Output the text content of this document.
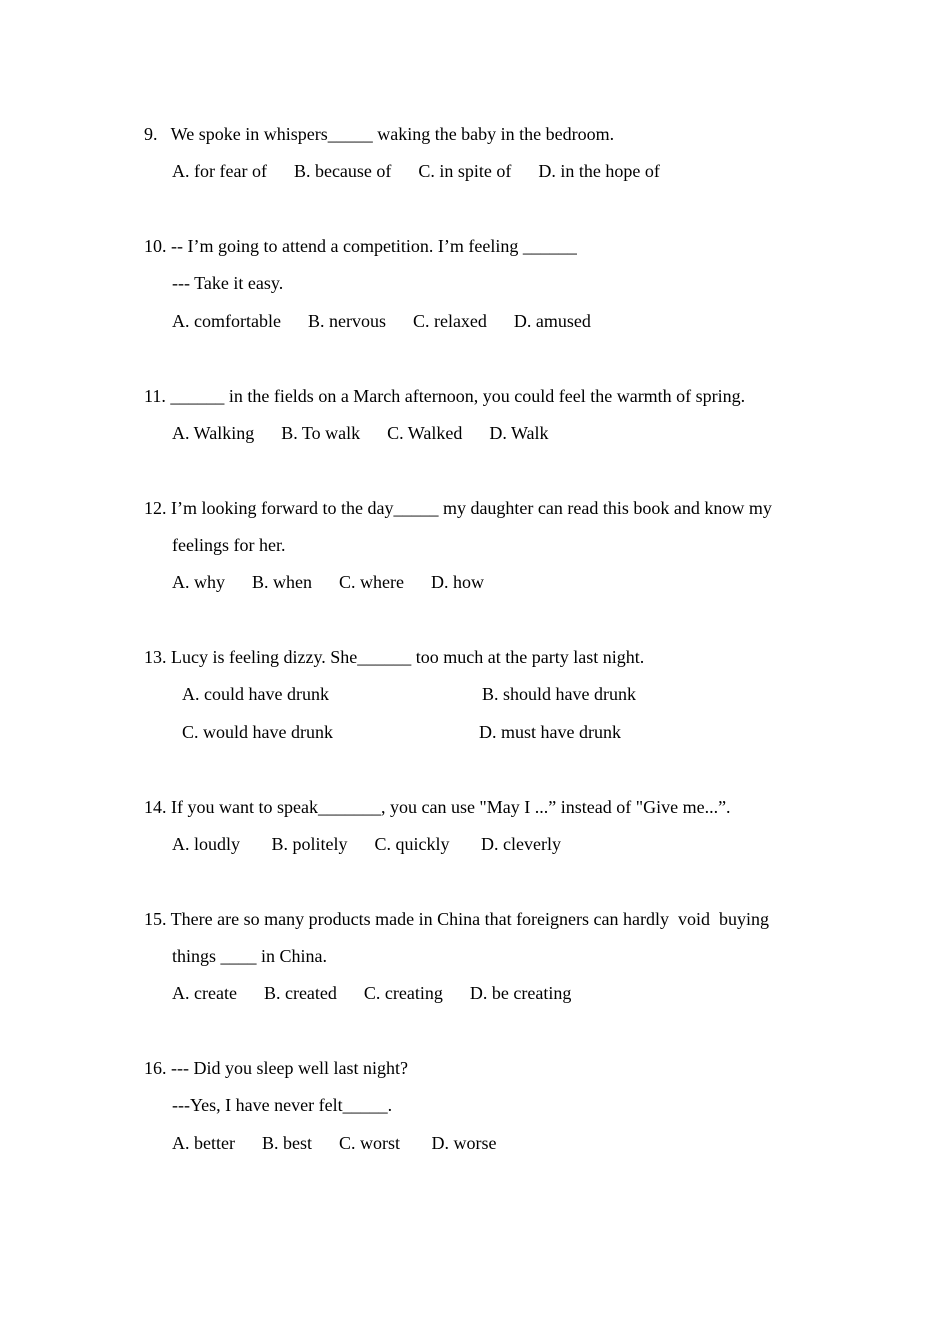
9.   We spoke in whispers_____ waking the baby in the bedroom.
A. for fear of      B. because of      C. in spite of      D. in the hope of
10. -- I’m going to attend a competition. I’m feeling ______
--- Take it easy.
A. comfortable      B. nervous      C. relaxed      D. amused
11. ______ in the fields on a March afternoon, you could feel the warmth of spring.
A. Walking      B. To walk      C. Walked      D. Walk
12. I’m looking forward to the day_____ my daughter can read this book and know my
feelings for her.
A. why      B. when      C. where      D. how
13. Lucy is feeling dizzy. She______ too much at the party last night.
A. could have drunk	B. should have drunk
C. would have drunk	D. must have drunk
14. If you want to speak_______, you can use "May I ...” instead of "Give me...”.
A. loudly       B. politely      C. quickly       D. cleverly
15. There are so many products made in China that foreigners can hardly  void  buying
things ____ in China.
A. create      B. created      C. creating      D. be creating
16. --- Did you sleep well last night?
---Yes, I have never felt_____.
A. better      B. best      C. worst       D. worse
